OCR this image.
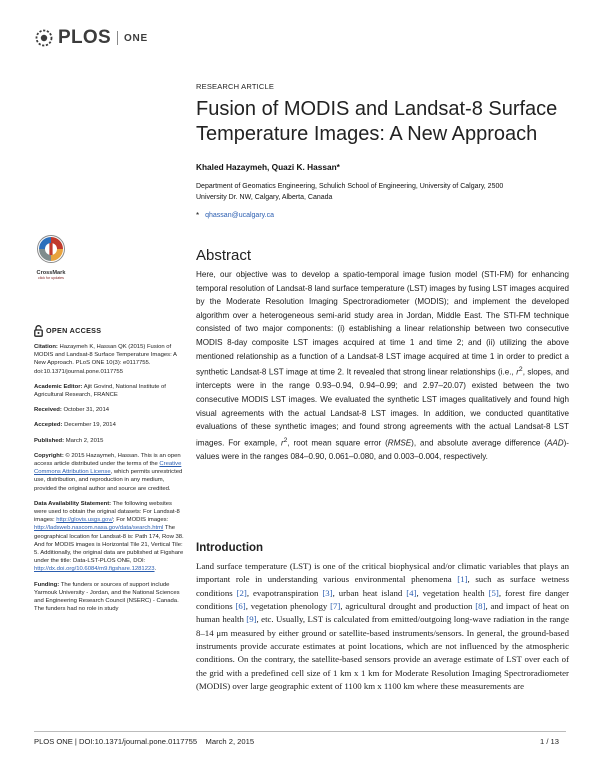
PLOS ONE
RESEARCH ARTICLE
Fusion of MODIS and Landsat-8 Surface Temperature Images: A New Approach
Khaled Hazaymeh, Quazi K. Hassan*
Department of Geomatics Engineering, Schulich School of Engineering, University of Calgary, 2500 University Dr. NW, Calgary, Alberta, Canada
* qhassan@ucalgary.ca
CrossMark
click for updates
Abstract
Here, our objective was to develop a spatio-temporal image fusion model (STI-FM) for enhancing temporal resolution of Landsat-8 land surface temperature (LST) images by fusing LST images acquired by the Moderate Resolution Imaging Spectroradiometer (MODIS); and implement the developed algorithm over a heterogeneous semi-arid study area in Jordan, Middle East. The STI-FM technique consisted of two major components: (i) establishing a linear relationship between two consecutive MODIS 8-day composite LST images acquired at time 1 and time 2; and (ii) utilizing the above mentioned relationship as a function of a Landsat-8 LST image acquired at time 1 in order to predict a synthetic Landsat-8 LST image at time 2. It revealed that strong linear relationships (i.e., $r^2$, slopes, and intercepts were in the range 0.93–0.94, 0.94–0.99; and 2.97–20.07) existed between the two consecutive MODIS LST images. We evaluated the synthetic LST images qualitatively and found high visual agreements with the actual Landsat-8 LST images. In addition, we conducted quantitative evaluations of these synthetic images; and found strong agreements with the actual Landsat-8 LST images. For example, $r^2$, root mean square error (RMSE), and absolute average difference (AAD)-values were in the ranges 084–0.90, 0.061–0.080, and 0.003–0.004, respectively.
OPEN ACCESS

Citation: Hazaymeh K, Hassan QK (2015) Fusion of MODIS and Landsat-8 Surface Temperature Images: A New Approach. PLoS ONE 10(3): e0117755. doi:10.1371/journal.pone.0117755

Academic Editor: Ajit Govind, National Institute of Agricultural Research, FRANCE

Received: October 31, 2014

Accepted: December 19, 2014

Published: March 2, 2015

Copyright: © 2015 Hazaymeh, Hassan. This is an open access article distributed under the terms of the Creative Commons Attribution License, which permits unrestricted use, distribution, and reproduction in any medium, provided the original author and source are credited.

Data Availability Statement: The following websites were used to obtain the original datasets: For Landsat-8 images: http://glovis.usgs.gov/; For MODIS images: http://ladsweb.nascom.nasa.gov/data/search.html The geographical location for Landsat-8 is: Path 174, Row 38. And for MODIS images is Horizontal Tile 21, Vertical Tile: 5. Additionally, the original data are published at Figshare under the title: Data-LST-PLOS ONE, DOI: http://dx.doi.org/10.6084/m9.figshare.1281223.

Funding: The funders or sources of support include Yarmouk University - Jordan, and the National Sciences and Engineering Research Council (NSERC) - Canada. The funders had no role in study

Introduction
Land surface temperature (LST) is one of the critical biophysical and/or climatic variables that plays an important role in understanding various environmental phenomena [1], such as surface wetness conditions [2], evapotranspiration [3], urban heat island [4], vegetation health [5], forest fire danger conditions [6], vegetation phenology [7], agricultural drought and production [8], and impact of heat on human health [9], etc. Usually, LST is calculated from emitted/outgoing long-wave radiation in the range 8–14 μm measured by either ground or satellite-based instruments/sensors. In general, the ground-based instruments provide accurate estimates at point locations, which are not influenced by the atmospheric conditions. On the contrary, the satellite-based sensors provide an average estimate of LST over each of the grid with a predefined cell size of 1 km x 1 km for Moderate Resolution Imaging Spectroradiometer (MODIS) over large geographic extent of 1100 km x 1100 km where these measurements are
PLOS ONE | DOI:10.1371/journal.pone.0117755    March 2, 2015	1 / 13
